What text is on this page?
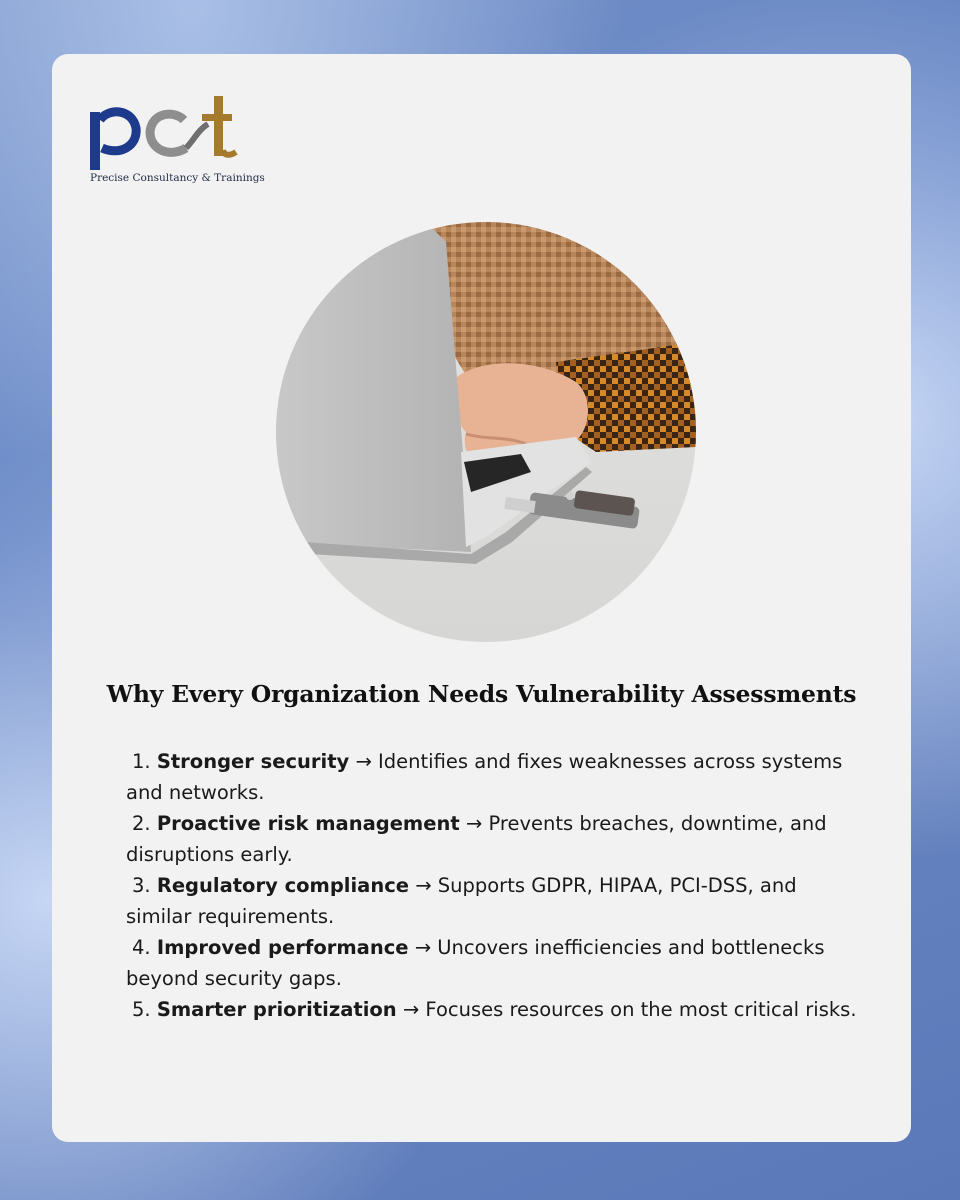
Precise Consultancy & Trainings
Why Every Organization Needs Vulnerability Assessments

1. Stronger security → Identifies and fixes weaknesses across systems and networks.

2. Proactive risk management → Prevents breaches, downtime, and disruptions early.

3. Regulatory compliance → Supports GDPR, HIPAA, PCI-DSS, and similar requirements.

4. Improved performance → Uncovers inefficiencies and bottlenecks beyond security gaps.

5. Smarter prioritization → Focuses resources on the most critical risks.
